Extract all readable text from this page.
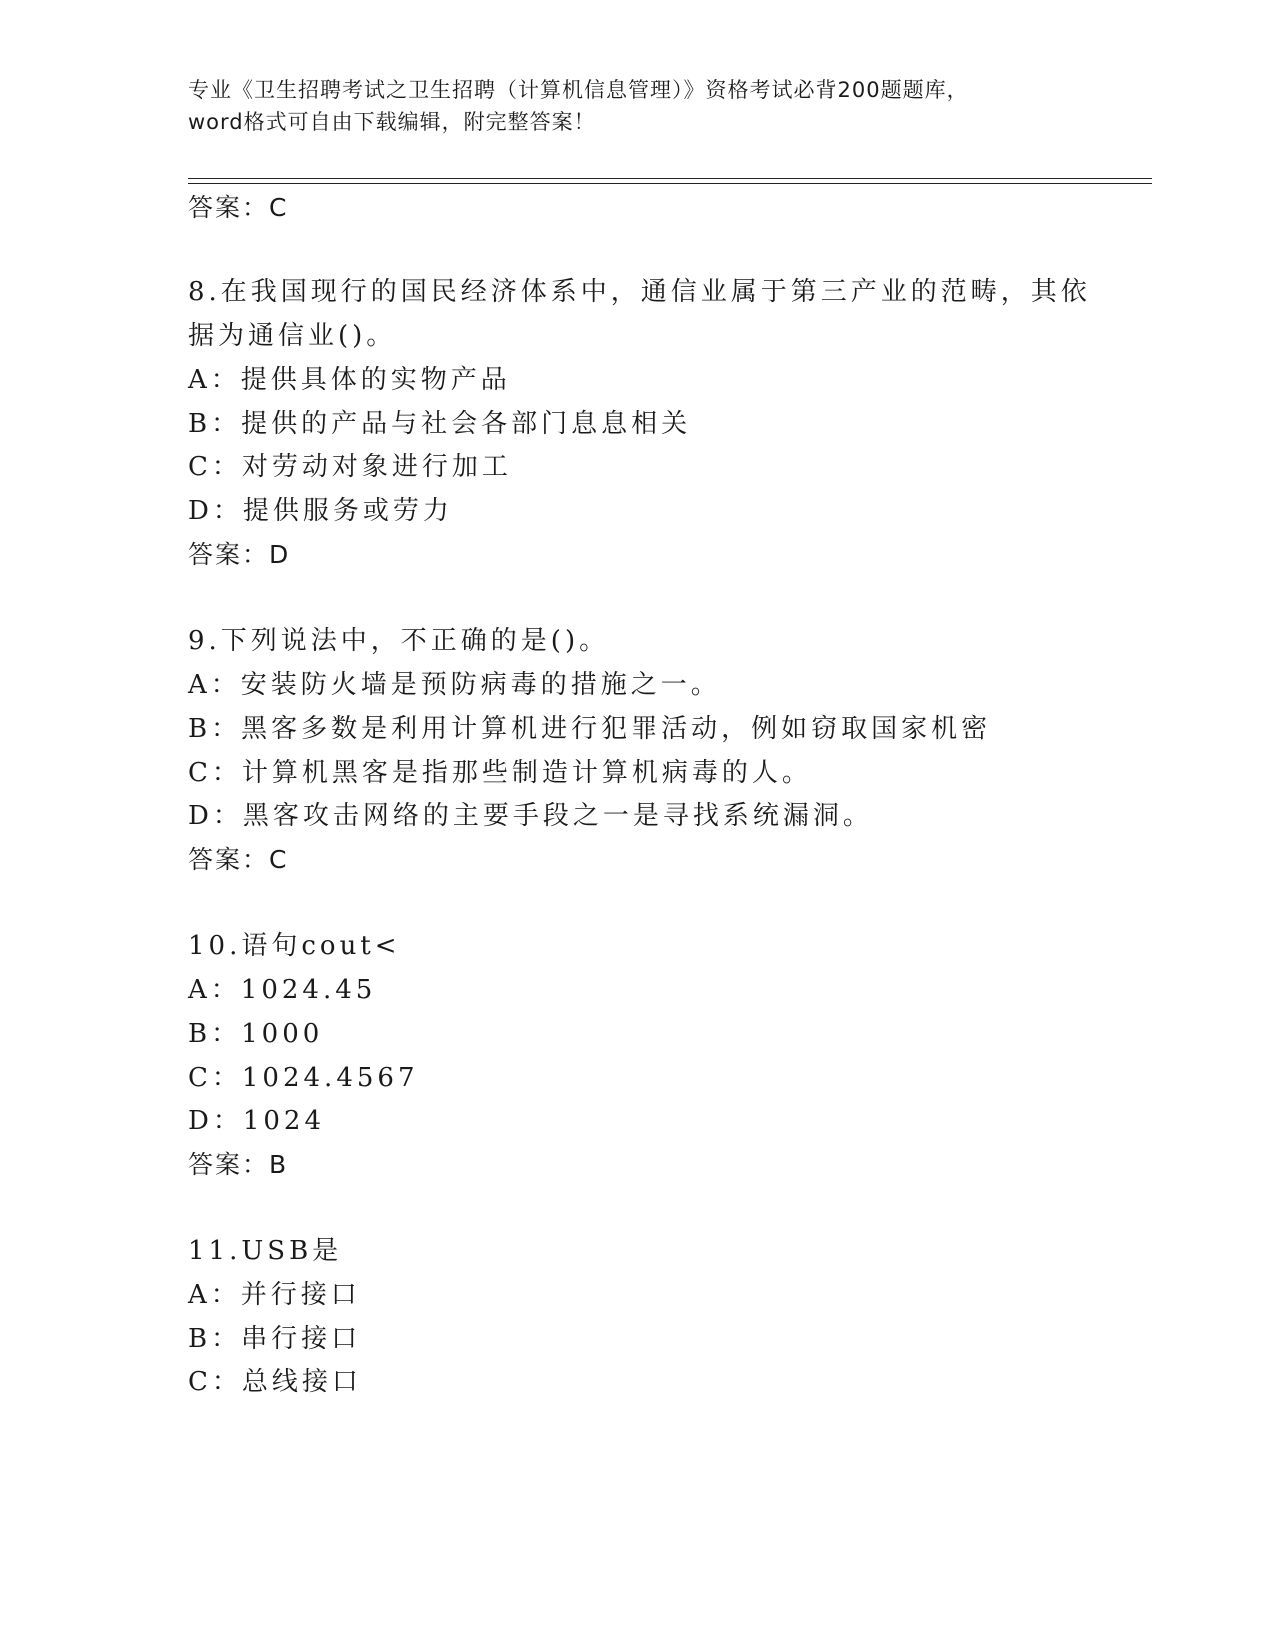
专业《卫生招聘考试之卫生招聘（计算机信息管理）》资格考试必背200题题库，
word格式可自由下载编辑，附完整答案！
答案：C
8.在我国现行的国民经济体系中，通信业属于第三产业的范畴，其依
据为通信业()。
A：提供具体的实物产品
B：提供的产品与社会各部门息息相关
C：对劳动对象进行加工
D：提供服务或劳力
答案：D
9.下列说法中，不正确的是()。
A：安装防火墙是预防病毒的措施之一。
B：黑客多数是利用计算机进行犯罪活动，例如窃取国家机密
C：计算机黑客是指那些制造计算机病毒的人。
D：黑客攻击网络的主要手段之一是寻找系统漏洞。
答案：C
10.语句cout<
A：1024.45
B：1000
C：1024.4567
D：1024
答案：B
11.USB是
A：并行接口
B：串行接口
C：总线接口
